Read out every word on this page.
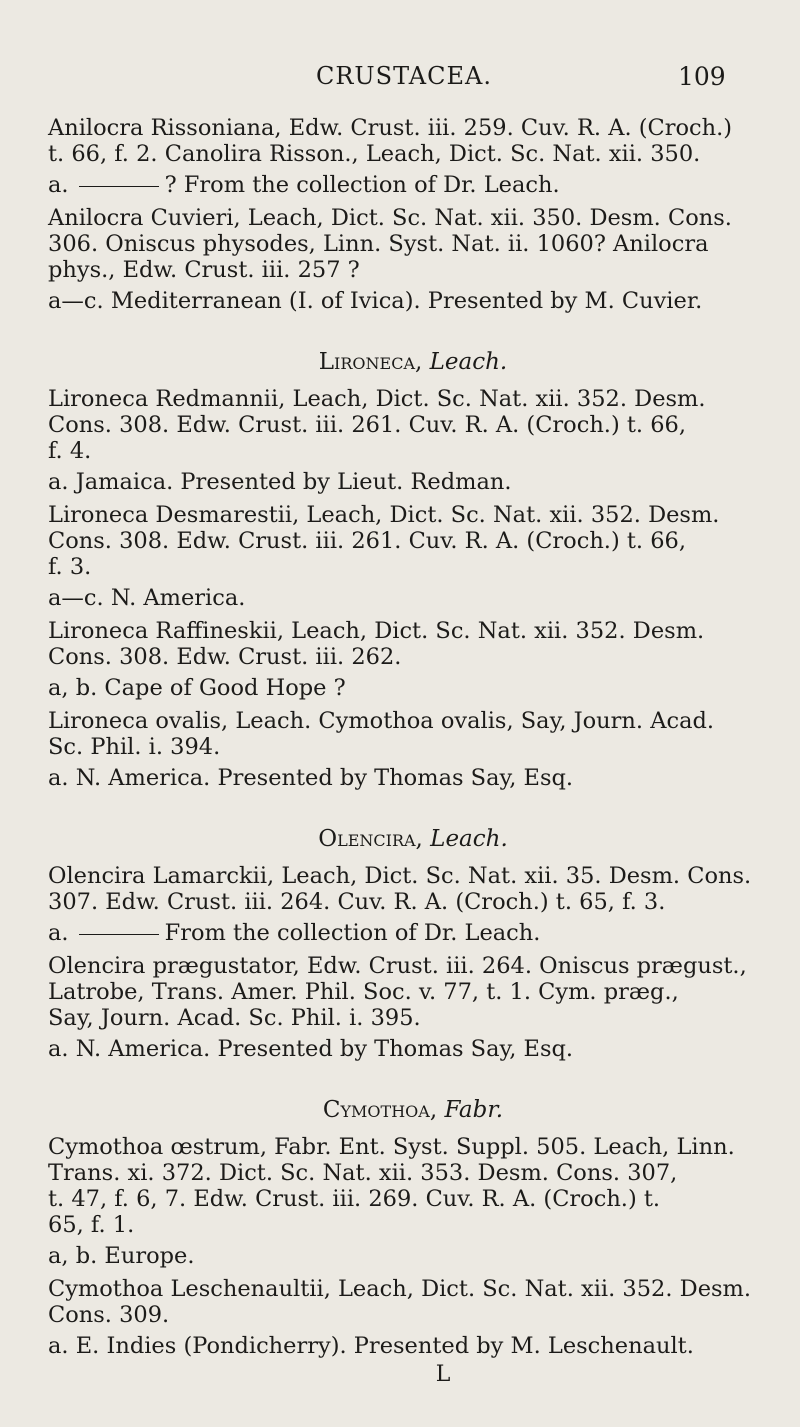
CRUSTACEA.	109

Anilocra Rissoniana, Edw. Crust. iii. 259. Cuv. R. A. (Croch.)
t. 66, f. 2. Canolira Risson., Leach, Dict. Sc. Nat. xii. 350.

a.	? From the collection of Dr. Leach.

Anilocra Cuvieri, Leach, Dict. Sc. Nat. xii. 350. Desm. Cons.
306. Oniscus physodes, Linn. Syst. Nat. ii. 1060? Anilocra
phys., Edw. Crust. iii. 257 ?

a—c. Mediterranean (I. of Ivica). Presented by M. Cuvier.
Lironeca, Leach.

Lironeca Redmannii, Leach, Dict. Sc. Nat. xii. 352. Desm.
Cons. 308. Edw. Crust. iii. 261. Cuv. R. A. (Croch.) t. 66,
f. 4.

a. Jamaica. Presented by Lieut. Redman.

Lironeca Desmarestii, Leach, Dict. Sc. Nat. xii. 352. Desm.
Cons. 308. Edw. Crust. iii. 261. Cuv. R. A. (Croch.) t. 66,
f. 3.

a—c. N. America.

Lironeca Raffineskii, Leach, Dict. Sc. Nat. xii. 352. Desm.
Cons. 308. Edw. Crust. iii. 262.

a, b. Cape of Good Hope ?

Lironeca ovalis, Leach. Cymothoa ovalis, Say, Journ. Acad.
Sc. Phil. i. 394.

a. N. America. Presented by Thomas Say, Esq.
Olencira, Leach.

Olencira Lamarckii, Leach, Dict. Sc. Nat. xii. 35. Desm. Cons.
307. Edw. Crust. iii. 264. Cuv. R. A. (Croch.) t. 65, f. 3.

a.	From the collection of Dr. Leach.

Olencira prægustator, Edw. Crust. iii. 264. Oniscus prægust.,
Latrobe, Trans. Amer. Phil. Soc. v. 77, t. 1. Cym. præg.,
Say, Journ. Acad. Sc. Phil. i. 395.

a. N. America. Presented by Thomas Say, Esq.
Cymothoa, Fabr.

Cymothoa œstrum, Fabr. Ent. Syst. Suppl. 505. Leach, Linn.
Trans. xi. 372. Dict. Sc. Nat. xii. 353. Desm. Cons. 307,
t. 47, f. 6, 7. Edw. Crust. iii. 269. Cuv. R. A. (Croch.) t.
65, f. 1.

a, b. Europe.

Cymothoa Leschenaultii, Leach, Dict. Sc. Nat. xii. 352. Desm.
Cons. 309.

a. E. Indies (Pondicherry). Presented by M. Leschenault.
L
